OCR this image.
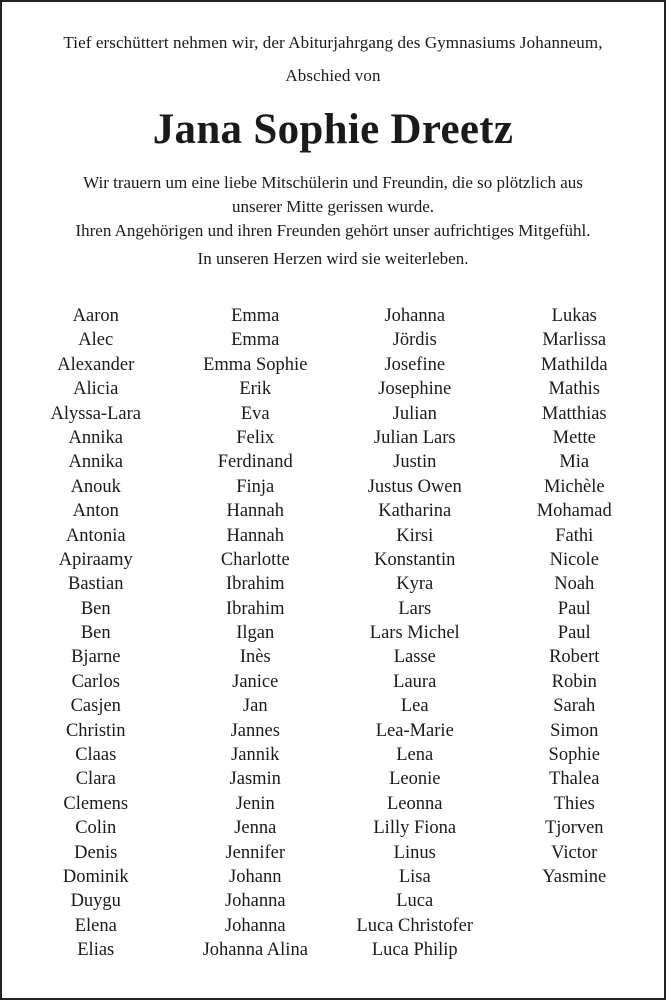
Tief erschüttert nehmen wir, der Abiturjahrgang des Gymnasiums Johanneum,
Abschied von
Jana Sophie Dreetz
Wir trauern um eine liebe Mitschülerin und Freundin, die so plötzlich aus
unserer Mitte gerissen wurde.
Ihren Angehörigen und ihren Freunden gehört unser aufrichtiges Mitgefühl.
In unseren Herzen wird sie weiterleben.
Aaron
Alec
Alexander
Alicia
Alyssa-Lara
Annika
Annika
Anouk
Anton
Antonia
Apiraamy
Bastian
Ben
Ben
Bjarne
Carlos
Casjen
Christin
Claas
Clara
Clemens
Colin
Denis
Dominik
Duygu
Elena
Elias
Emma
Emma
Emma Sophie
Erik
Eva
Felix
Ferdinand
Finja
Hannah
Hannah
Charlotte
Ibrahim
Ibrahim
Ilgan
Inès
Janice
Jan
Jannes
Jannik
Jasmin
Jenin
Jenna
Jennifer
Johann
Johanna
Johanna
Johanna Alina
Johanna
Jördis
Josefine
Josephine
Julian
Julian Lars
Justin
Justus Owen
Katharina
Kirsi
Konstantin
Kyra
Lars
Lars Michel
Lasse
Laura
Lea
Lea-Marie
Lena
Leonie
Leonna
Lilly Fiona
Linus
Lisa
Luca
Luca Christofer
Luca Philip
Lukas
Marlissa
Mathilda
Mathis
Matthias
Mette
Mia
Michèle
Mohamad
Fathi
Nicole
Noah
Paul
Paul
Robert
Robin
Sarah
Simon
Sophie
Thalea
Thies
Tjorven
Victor
Yasmine
